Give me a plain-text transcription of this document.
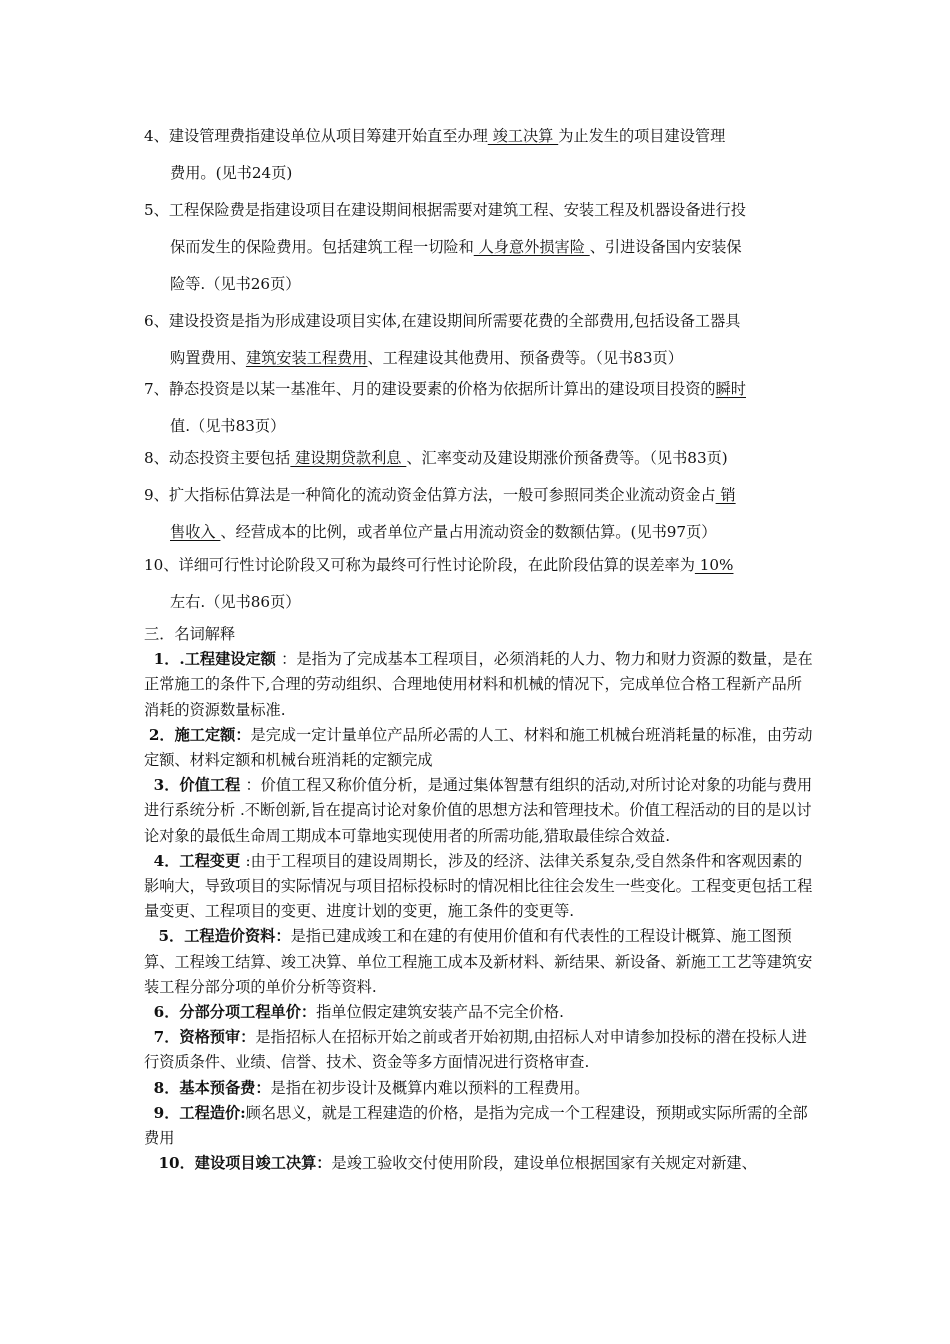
4、建设管理费指建设单位从项目筹建开始直至办理 竣工决算 为止发生的项目建设管理
费用。(见书24页)
5、工程保险费是指建设项目在建设期间根据需要对建筑工程、安装工程及机器设备进行投
保而发生的保险费用。包括建筑工程一切险和 人身意外损害险 、引进设备国内安装保
险等.（见书26页）
6、建设投资是指为形成建设项目实体,在建设期间所需要花费的全部费用,包括设备工器具
购置费用、建筑安装工程费用、工程建设其他费用、预备费等。（见书83页）
7、静态投资是以某一基准年、月的建设要素的价格为依据所计算出的建设项目投资的瞬时
值.（见书83页）
8、动态投资主要包括 建设期贷款利息 、汇率变动及建设期涨价预备费等。（见书83页)
9、扩大指标估算法是一种简化的流动资金估算方法，一般可参照同类企业流动资金占 销
售收入 、经营成本的比例，或者单位产量占用流动资金的数额估算。(见书97页）
10、详细可行性讨论阶段又可称为最终可行性讨论阶段，在此阶段估算的误差率为 10%
左右.（见书86页）

三．名词解释

1．.工程建设定额 ：是指为了完成基本工程项目，必须消耗的人力、物力和财力资源的数量，是在正常施工的条件下,合理的劳动组织、合理地使用材料和机械的情况下，完成单位合格工程新产品所消耗的资源数量标准.

2．施工定额：是完成一定计量单位产品所必需的人工、材料和施工机械台班消耗量的标准，由劳动定额、材料定额和机械台班消耗的定额完成

3．价值工程 ：价值工程又称价值分析，是通过集体智慧有组织的活动,对所讨论对象的功能与费用进行系统分析 .不断创新,旨在提高讨论对象价值的思想方法和管理技术。价值工程活动的目的是以讨论对象的最低生命周工期成本可靠地实现使用者的所需功能,猎取最佳综合效益.

4．工程变更 :由于工程项目的建设周期长，涉及的经济、法律关系复杂,受自然条件和客观因素的影响大，导致项目的实际情况与项目招标投标时的情况相比往往会发生一些变化。工程变更包括工程量变更、工程项目的变更、进度计划的变更，施工条件的变更等.

5．工程造价资料：是指已建成竣工和在建的有使用价值和有代表性的工程设计概算、施工图预算、工程竣工结算、竣工决算、单位工程施工成本及新材料、新结果、新设备、新施工工艺等建筑安装工程分部分项的单价分析等资料.

6．分部分项工程单价：指单位假定建筑安装产品不完全价格.

7．资格预审：是指招标人在招标开始之前或者开始初期,由招标人对申请参加投标的潜在投标人进行资质条件、业绩、信誉、技术、资金等多方面情况进行资格审查.

8．基本预备费：是指在初步设计及概算内难以预料的工程费用。

9．工程造价:顾名思义，就是工程建造的价格，是指为完成一个工程建设，预期或实际所需的全部费用

10．建设项目竣工决算：是竣工验收交付使用阶段，建设单位根据国家有关规定对新建、
